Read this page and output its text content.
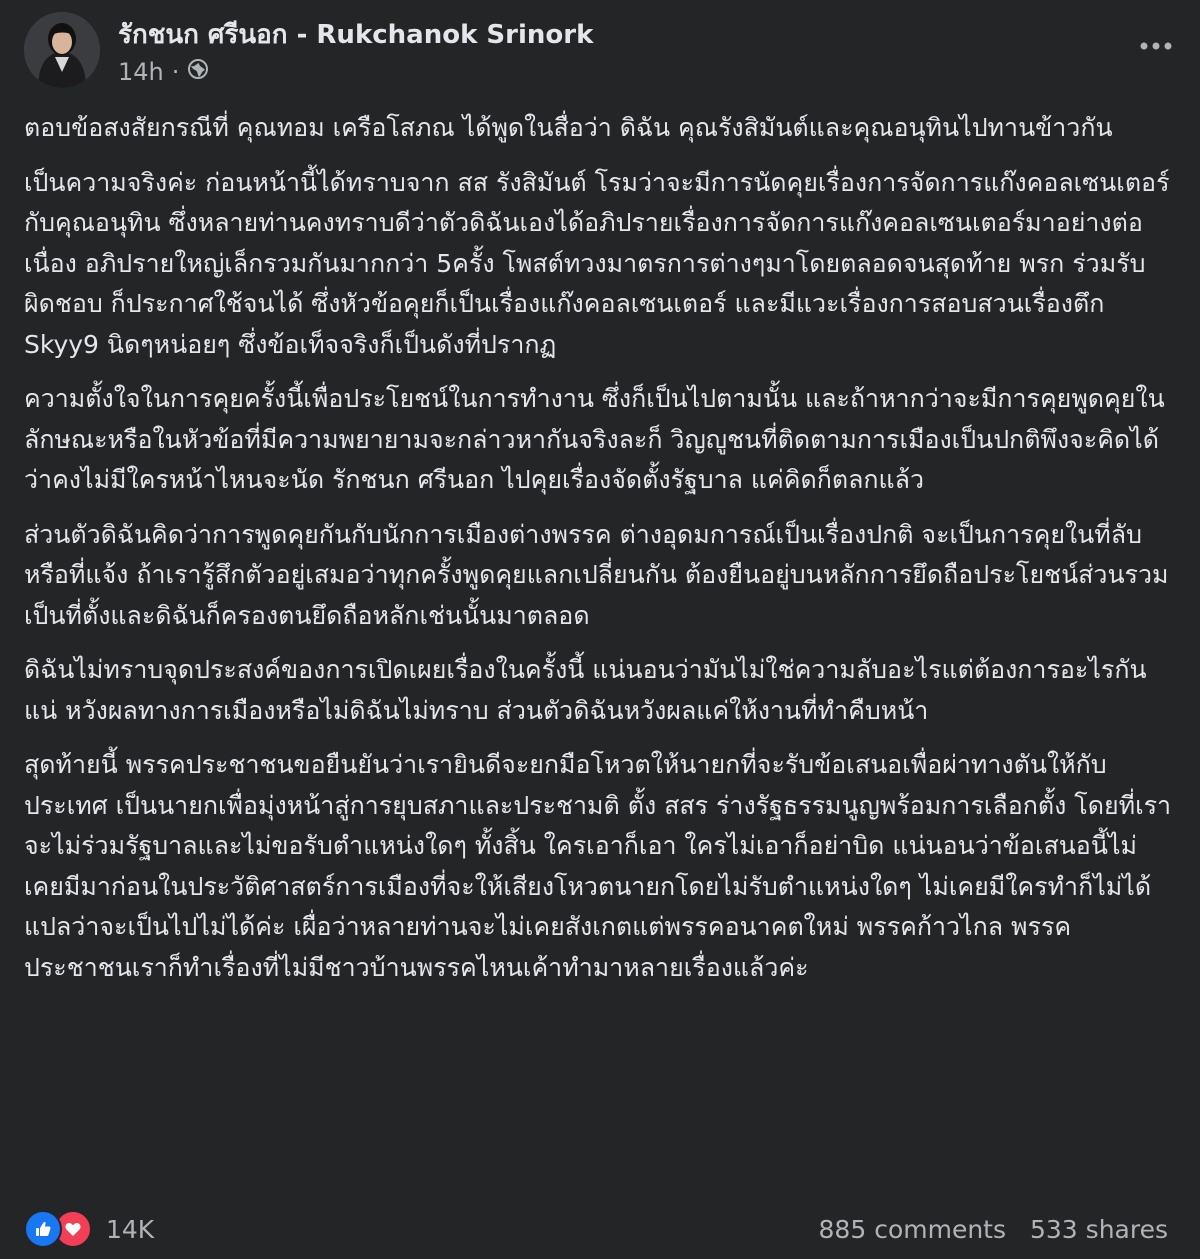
รักชนก ศรีนอก - Rukchanok Srinork
14h ·

ตอบข้อสงสัยกรณีที่ คุณทอม เครือโสภณ ได้พูดในสื่อว่า ดิฉัน คุณรังสิมันต์และคุณอนุทินไปทานข้าวกัน

เป็นความจริงค่ะ ก่อนหน้านี้ได้ทราบจาก สส รังสิมันต์ โรมว่าจะมีการนัดคุยเรื่องการจัดการแก๊งคอลเซนเตอร์กับคุณอนุทิน ซึ่งหลายท่านคงทราบดีว่าตัวดิฉันเองได้อภิปรายเรื่องการจัดการแก๊งคอลเซนเตอร์มาอย่างต่อเนื่อง อภิปรายใหญ่เล็กรวมกันมากกว่า 5ครั้ง โพสต์ทวงมาตรการต่างๆมาโดยตลอดจนสุดท้าย พรก ร่วมรับผิดชอบ ก็ประกาศใช้จนได้ ซึ่งหัวข้อคุยก็เป็นเรื่องแก๊งคอลเซนเตอร์ และมีแวะเรื่องการสอบสวนเรื่องตึก Skyy9 นิดๆหน่อยๆ ซึ่งข้อเท็จจริงก็เป็นดังที่ปรากฏ

ความตั้งใจในการคุยครั้งนี้เพื่อประโยชน์ในการทำงาน ซึ่งก็เป็นไปตามนั้น และถ้าหากว่าจะมีการคุยพูดคุยในลักษณะหรือในหัวข้อที่มีความพยายามจะกล่าวหากันจริงละก็ วิญญูชนที่ติดตามการเมืองเป็นปกติพึงจะคิดได้ ว่าคงไม่มีใครหน้าไหนจะนัด รักชนก ศรีนอก ไปคุยเรื่องจัดตั้งรัฐบาล แค่คิดก็ตลกแล้ว

ส่วนตัวดิฉันคิดว่าการพูดคุยกันกับนักการเมืองต่างพรรค ต่างอุดมการณ์เป็นเรื่องปกติ จะเป็นการคุยในที่ลับหรือที่แจ้ง ถ้าเรารู้สึกตัวอยู่เสมอว่าทุกครั้งพูดคุยแลกเปลี่ยนกัน ต้องยืนอยู่บนหลักการยึดถือประโยชน์ส่วนรวมเป็นที่ตั้งและดิฉันก็ครองตนยึดถือหลักเช่นนั้นมาตลอด

ดิฉันไม่ทราบจุดประสงค์ของการเปิดเผยเรื่องในครั้งนี้ แน่นอนว่ามันไม่ใช่ความลับอะไรแต่ต้องการอะไรกันแน่ หวังผลทางการเมืองหรือไม่ดิฉันไม่ทราบ ส่วนตัวดิฉันหวังผลแค่ให้งานที่ทำคืบหน้า

สุดท้ายนี้ พรรคประชาชนขอยืนยันว่าเรายินดีจะยกมือโหวตให้นายกที่จะรับข้อเสนอเพื่อผ่าทางตันให้กับประเทศ เป็นนายกเพื่อมุ่งหน้าสู่การยุบสภาและประชามติ ตั้ง สสร ร่างรัฐธรรมนูญพร้อมการเลือกตั้ง โดยที่เราจะไม่ร่วมรัฐบาลและไม่ขอรับตำแหน่งใดๆ ทั้งสิ้น ใครเอาก็เอา ใครไม่เอาก็อย่าบิด แน่นอนว่าข้อเสนอนี้ไม่เคยมีมาก่อนในประวัติศาสตร์การเมืองที่จะให้เสียงโหวตนายกโดยไม่รับตำแหน่งใดๆ ไม่เคยมีใครทำก็ไม่ได้แปลว่าจะเป็นไปไม่ได้ค่ะ เผื่อว่าหลายท่านจะไม่เคยสังเกตแต่พรรคอนาคตใหม่ พรรคก้าวไกล พรรคประชาชนเราก็ทำเรื่องที่ไม่มีชาวบ้านพรรคไหนเค้าทำมาหลายเรื่องแล้วค่ะ

14K	885 comments 533 shares
